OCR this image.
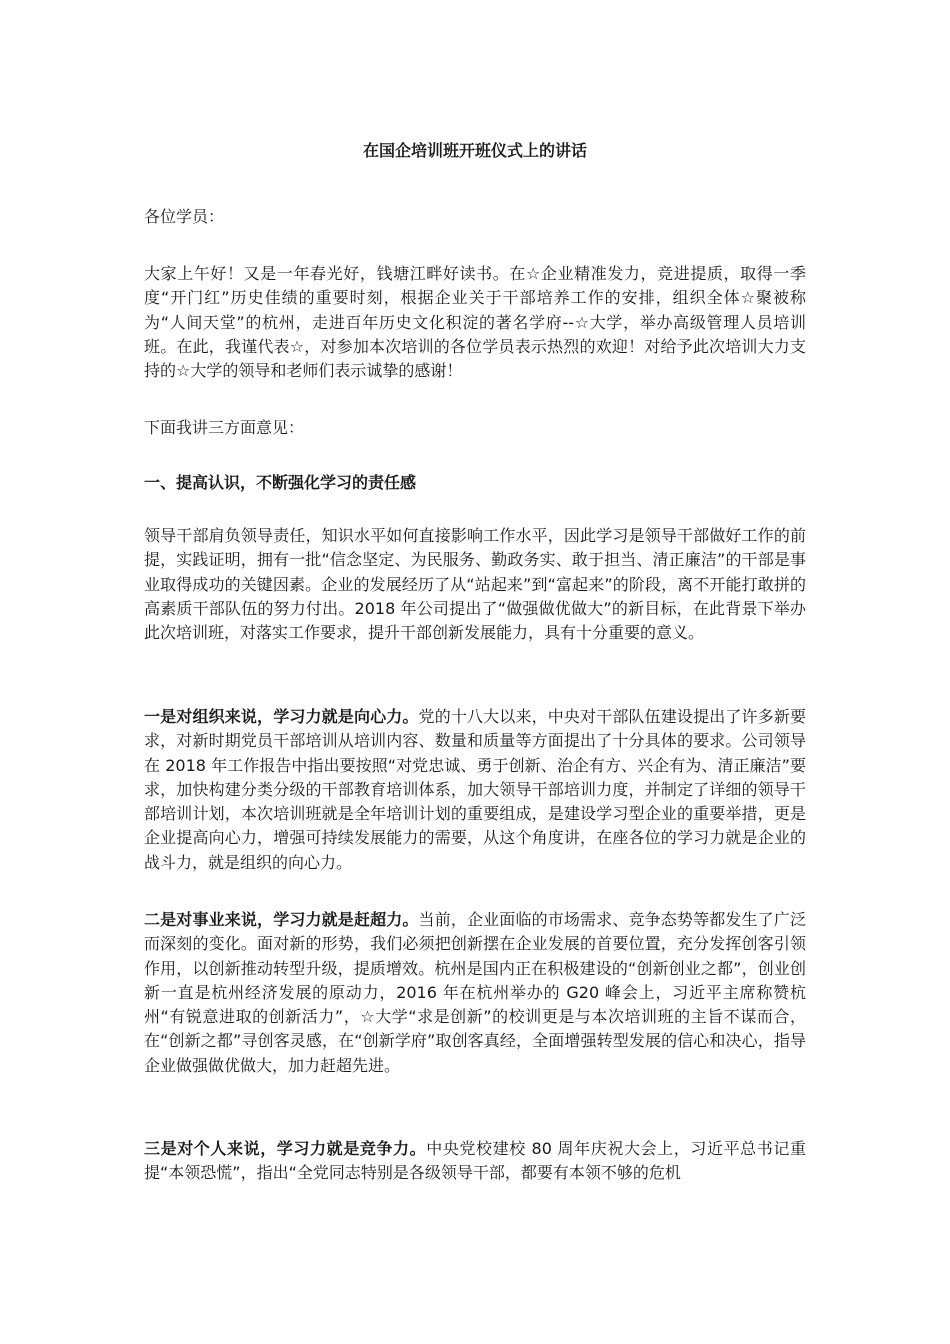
在国企培训班开班仪式上的讲话
各位学员：
大家上午好！又是一年春光好，钱塘江畔好读书。在☆企业精准发力，竞进提质，取得一季度“开门红”历史佳绩的重要时刻，根据企业关于干部培养工作的安排，组织全体☆聚被称为“人间天堂”的杭州，走进百年历史文化积淀的著名学府--☆大学，举办高级管理人员培训班。在此，我谨代表☆，对参加本次培训的各位学员表示热烈的欢迎！对给予此次培训大力支持的☆大学的领导和老师们表示诚挚的感谢！
下面我讲三方面意见：
一、提高认识，不断强化学习的责任感
领导干部肩负领导责任，知识水平如何直接影响工作水平，因此学习是领导干部做好工作的前提，实践证明，拥有一批“信念坚定、为民服务、勤政务实、敢于担当、清正廉洁”的干部是事业取得成功的关键因素。企业的发展经历了从“站起来”到“富起来”的阶段，离不开能打敢拼的高素质干部队伍的努力付出。2018 年公司提出了“做强做优做大”的新目标，在此背景下举办此次培训班，对落实工作要求，提升干部创新发展能力，具有十分重要的意义。
一是对组织来说，学习力就是向心力。党的十八大以来，中央对干部队伍建设提出了许多新要求，对新时期党员干部培训从培训内容、数量和质量等方面提出了十分具体的要求。公司领导在 2018 年工作报告中指出要按照“对党忠诚、勇于创新、治企有方、兴企有为、清正廉洁”要求，加快构建分类分级的干部教育培训体系，加大领导干部培训力度，并制定了详细的领导干部培训计划，本次培训班就是全年培训计划的重要组成，是建设学习型企业的重要举措，更是企业提高向心力，增强可持续发展能力的需要，从这个角度讲，在座各位的学习力就是企业的战斗力，就是组织的向心力。
二是对事业来说，学习力就是赶超力。当前，企业面临的市场需求、竞争态势等都发生了广泛而深刻的变化。面对新的形势，我们必须把创新摆在企业发展的首要位置，充分发挥创客引领作用，以创新推动转型升级，提质增效。杭州是国内正在积极建设的“创新创业之都”，创业创新一直是杭州经济发展的原动力，2016 年在杭州举办的 G20 峰会上，习近平主席称赞杭州“有锐意进取的创新活力”，☆大学“求是创新”的校训更是与本次培训班的主旨不谋而合，在“创新之都”寻创客灵感，在“创新学府”取创客真经，全面增强转型发展的信心和决心，指导企业做强做优做大，加力赶超先进。
三是对个人来说，学习力就是竞争力。中央党校建校 80 周年庆祝大会上，习近平总书记重提“本领恐慌”，指出“全党同志特别是各级领导干部，都要有本领不够的危机
